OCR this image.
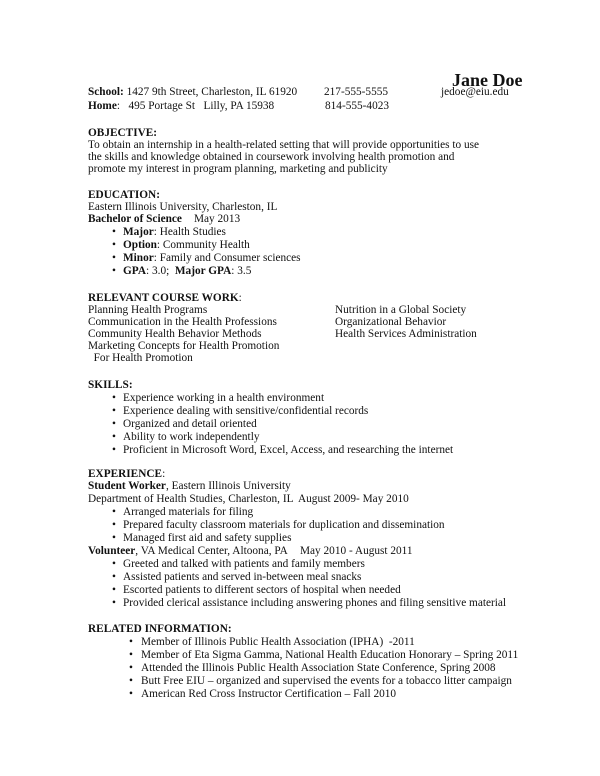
Jane Doe
School: 1427 9th Street, Charleston, IL 61920 217-555-5555	jedoe@eiu.edu
Home:   495 Portage St   Lilly, PA 15938	814-555-4023
OBJECTIVE:
To obtain an internship in a health-related setting that will provide opportunities to use
the skills and knowledge obtained in coursework involving health promotion and
promote my interest in program planning, marketing and publicity
EDUCATION:
Eastern Illinois University, Charleston, IL
Bachelor of Science May 2013
• Major: Health Studies
• Option: Community Health
• Minor: Family and Consumer sciences
• GPA: 3.0;  Major GPA: 3.5
RELEVANT COURSE WORK:
Planning Health Programs
Communication in the Health Professions
Community Health Behavior Methods
Marketing Concepts for Health Promotion
For Health Promotion
Nutrition in a Global Society
Organizational Behavior
Health Services Administration
SKILLS:
• Experience working in a health environment
• Experience dealing with sensitive/confidential records
• Organized and detail oriented
• Ability to work independently
• Proficient in Microsoft Word, Excel, Access, and researching the internet
EXPERIENCE:
Student Worker, Eastern Illinois University
Department of Health Studies, Charleston, IL August 2009- May 2010
• Arranged materials for filing
• Prepared faculty classroom materials for duplication and dissemination
• Managed first aid and safety supplies
Volunteer, VA Medical Center, Altoona, PA May 2010 - August 2011
• Greeted and talked with patients and family members
• Assisted patients and served in-between meal snacks
• Escorted patients to different sectors of hospital when needed
• Provided clerical assistance including answering phones and filing sensitive material
RELATED INFORMATION:
• Member of Illinois Public Health Association (IPHA)  -2011
• Member of Eta Sigma Gamma, National Health Education Honorary – Spring 2011
• Attended the Illinois Public Health Association State Conference, Spring 2008
• Butt Free EIU – organized and supervised the events for a tobacco litter campaign
• American Red Cross Instructor Certification – Fall 2010
